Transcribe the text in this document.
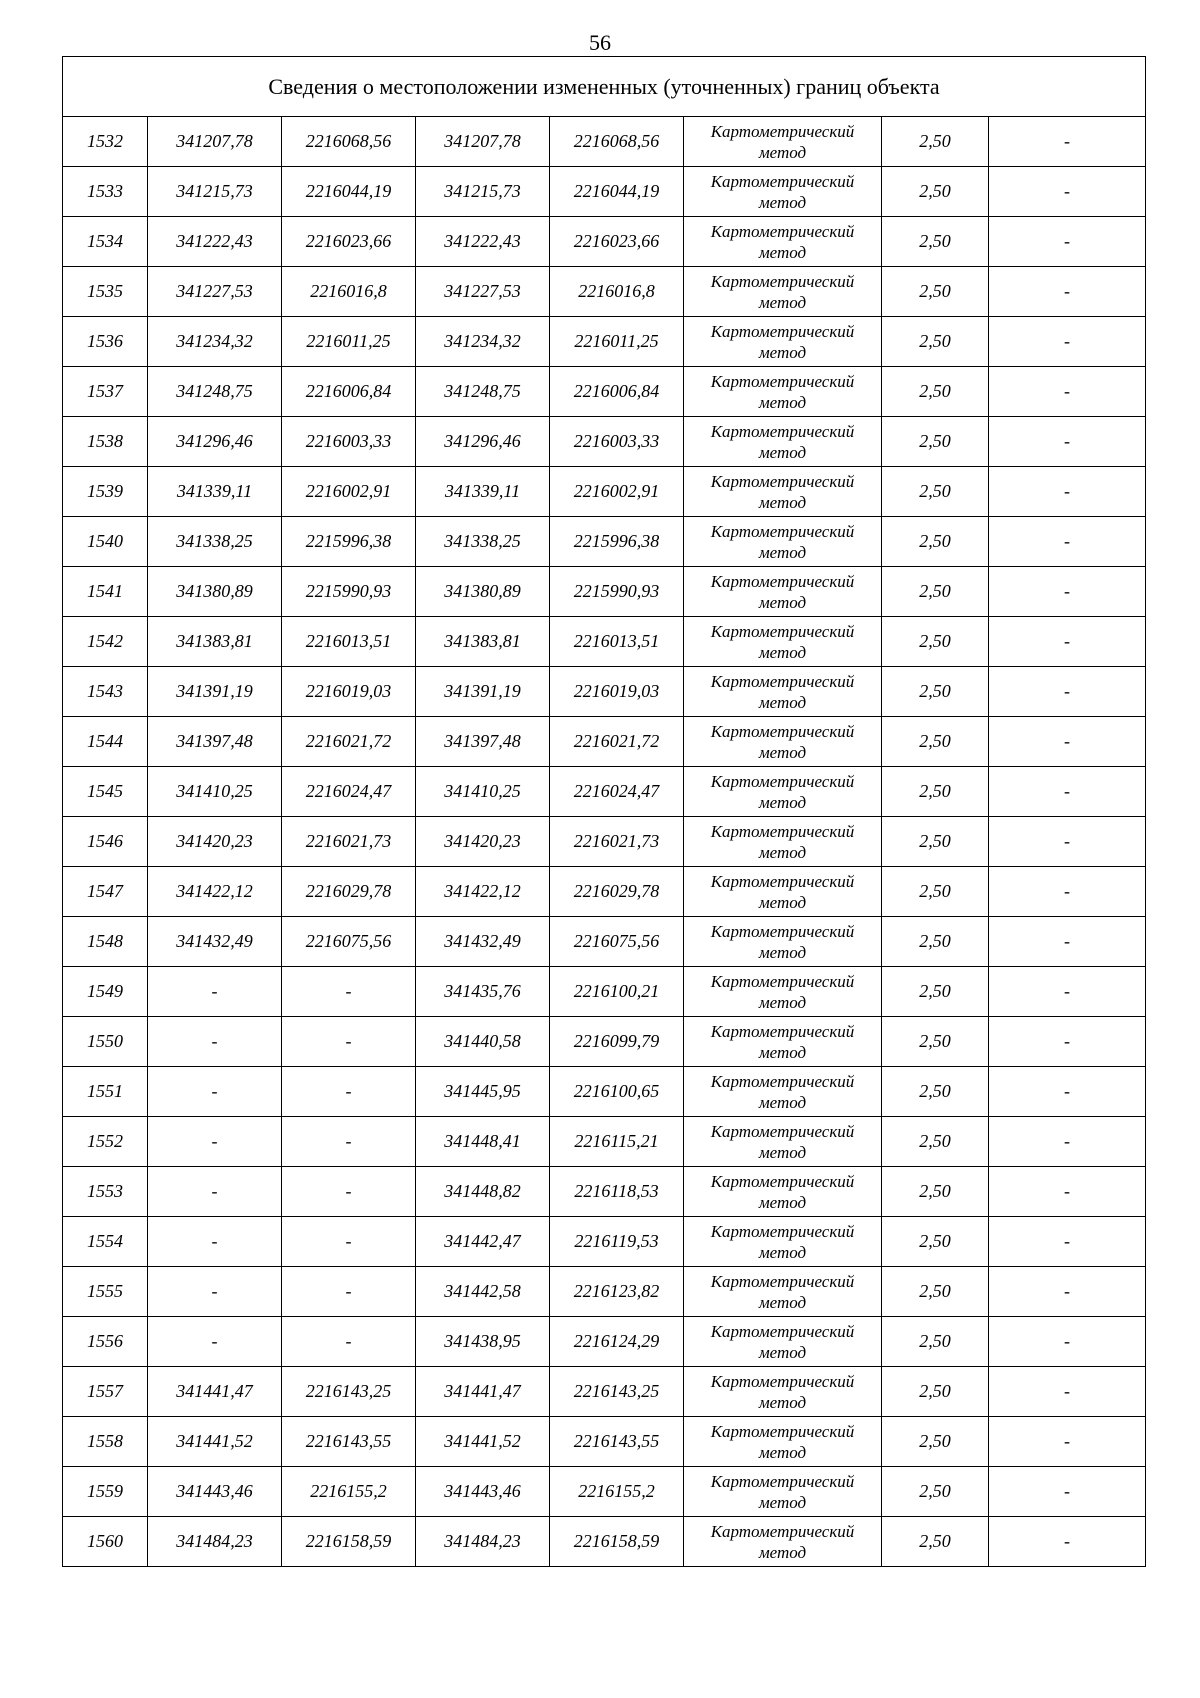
56
Сведения о местоположении измененных (уточненных) границ объекта							
1532	341207,78	2216068,56	341207,78	2216068,56	Картометрический
метод	2,50	-
1533	341215,73	2216044,19	341215,73	2216044,19	Картометрический
метод	2,50	-
1534	341222,43	2216023,66	341222,43	2216023,66	Картометрический
метод	2,50	-
1535	341227,53	2216016,8	341227,53	2216016,8	Картометрический
метод	2,50	-
1536	341234,32	2216011,25	341234,32	2216011,25	Картометрический
метод	2,50	-
1537	341248,75	2216006,84	341248,75	2216006,84	Картометрический
метод	2,50	-
1538	341296,46	2216003,33	341296,46	2216003,33	Картометрический
метод	2,50	-
1539	341339,11	2216002,91	341339,11	2216002,91	Картометрический
метод	2,50	-
1540	341338,25	2215996,38	341338,25	2215996,38	Картометрический
метод	2,50	-
1541	341380,89	2215990,93	341380,89	2215990,93	Картометрический
метод	2,50	-
1542	341383,81	2216013,51	341383,81	2216013,51	Картометрический
метод	2,50	-
1543	341391,19	2216019,03	341391,19	2216019,03	Картометрический
метод	2,50	-
1544	341397,48	2216021,72	341397,48	2216021,72	Картометрический
метод	2,50	-
1545	341410,25	2216024,47	341410,25	2216024,47	Картометрический
метод	2,50	-
1546	341420,23	2216021,73	341420,23	2216021,73	Картометрический
метод	2,50	-
1547	341422,12	2216029,78	341422,12	2216029,78	Картометрический
метод	2,50	-
1548	341432,49	2216075,56	341432,49	2216075,56	Картометрический
метод	2,50	-
1549	-	-	341435,76	2216100,21	Картометрический
метод	2,50	-
1550	-	-	341440,58	2216099,79	Картометрический
метод	2,50	-
1551	-	-	341445,95	2216100,65	Картометрический
метод	2,50	-
1552	-	-	341448,41	2216115,21	Картометрический
метод	2,50	-
1553	-	-	341448,82	2216118,53	Картометрический
метод	2,50	-
1554	-	-	341442,47	2216119,53	Картометрический
метод	2,50	-
1555	-	-	341442,58	2216123,82	Картометрический
метод	2,50	-
1556	-	-	341438,95	2216124,29	Картометрический
метод	2,50	-
1557	341441,47	2216143,25	341441,47	2216143,25	Картометрический
метод	2,50	-
1558	341441,52	2216143,55	341441,52	2216143,55	Картометрический
метод	2,50	-
1559	341443,46	2216155,2	341443,46	2216155,2	Картометрический
метод	2,50	-
1560	341484,23	2216158,59	341484,23	2216158,59	Картометрический
метод	2,50	-
